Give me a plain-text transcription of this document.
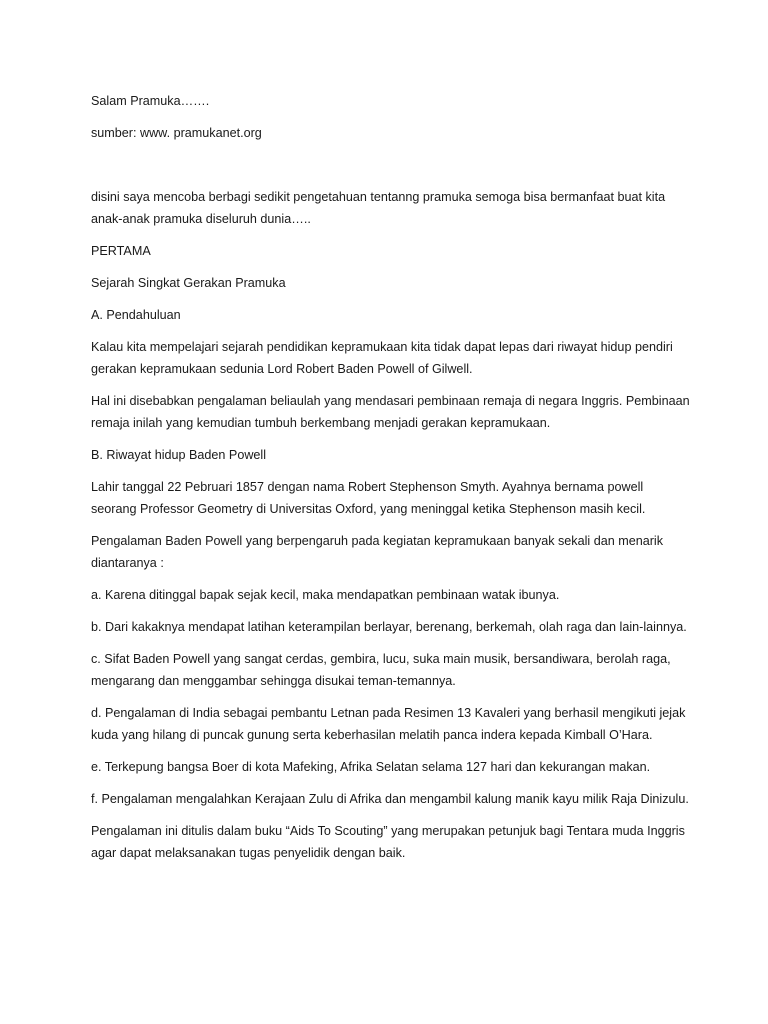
Salam Pramuka…….

sumber: www. pramukanet.org

disini saya mencoba berbagi sedikit pengetahuan tentanng pramuka semoga bisa bermanfaat buat kita anak-anak pramuka diseluruh dunia…..

PERTAMA

Sejarah Singkat Gerakan Pramuka

A. Pendahuluan

Kalau kita mempelajari sejarah pendidikan kepramukaan kita tidak dapat lepas dari riwayat hidup pendiri gerakan kepramukaan sedunia Lord Robert Baden Powell of Gilwell.

Hal ini disebabkan pengalaman beliaulah yang mendasari pembinaan remaja di negara Inggris. Pembinaan remaja inilah yang kemudian tumbuh berkembang menjadi gerakan kepramukaan.

B. Riwayat hidup Baden Powell

Lahir tanggal 22 Pebruari 1857 dengan nama Robert Stephenson Smyth. Ayahnya bernama powell seorang Professor Geometry di Universitas Oxford, yang meninggal ketika Stephenson masih kecil.

Pengalaman Baden Powell yang berpengaruh pada kegiatan kepramukaan banyak sekali dan menarik diantaranya :

a. Karena ditinggal bapak sejak kecil, maka mendapatkan pembinaan watak ibunya.

b. Dari kakaknya mendapat latihan keterampilan berlayar, berenang, berkemah, olah raga dan lain-lainnya.

c. Sifat Baden Powell yang sangat cerdas, gembira, lucu, suka main musik, bersandiwara, berolah raga, mengarang dan menggambar sehingga disukai teman-temannya.

d. Pengalaman di India sebagai pembantu Letnan pada Resimen 13 Kavaleri yang berhasil mengikuti jejak kuda yang hilang di puncak gunung serta keberhasilan melatih panca indera kepada Kimball O’Hara.

e. Terkepung bangsa Boer di kota Mafeking, Afrika Selatan selama 127 hari dan kekurangan makan.

f. Pengalaman mengalahkan Kerajaan Zulu di Afrika dan mengambil kalung manik kayu milik Raja Dinizulu.

Pengalaman ini ditulis dalam buku “Aids To Scouting” yang merupakan petunjuk bagi Tentara muda Inggris agar dapat melaksanakan tugas penyelidik dengan baik.
